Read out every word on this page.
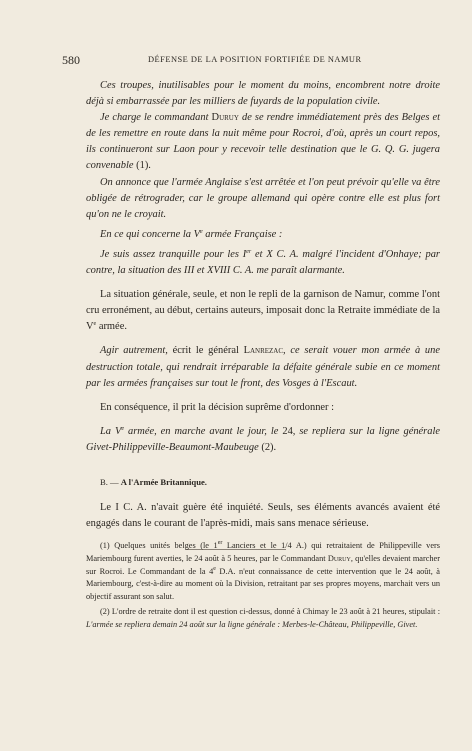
580	DÉFENSE DE LA POSITION FORTIFIÉE DE NAMUR

Ces troupes, inutilisables pour le moment du moins, encombrent notre droite déjà si embarrassée par les milliers de fuyards de la population civile.

Je charge le commandant Duruy de se rendre immédiatement près des Belges et de les remettre en route dans la nuit même pour Rocroi, d'où, après un court repos, ils continueront sur Laon pour y recevoir telle destination que le G. Q. G. jugera convenable (1).

On annonce que l'armée Anglaise s'est arrêtée et l'on peut prévoir qu'elle va être obligée de rétrograder, car le groupe allemand qui opère contre elle est plus fort qu'on ne le croyait.

En ce qui concerne la Ve armée Française :

Je suis assez tranquille pour les Ier et X C. A. malgré l'incident d'Onhaye; par contre, la situation des III et XVIII C. A. me paraît alarmante.

La situation générale, seule, et non le repli de la garnison de Namur, comme l'ont cru erronément, au début, certains auteurs, imposait donc la Retraite immédiate de la Ve armée.

Agir autrement, écrit le général Lanrezac, ce serait vouer mon armée à une destruction totale, qui rendrait irréparable la défaite générale subie en ce moment par les armées françaises sur tout le front, des Vosges à l'Escaut.

En conséquence, il prit la décision suprême d'ordonner :

La Ve armée, en marche avant le jour, le 24, se repliera sur la ligne générale Givet-Philippeville-Beaumont-Maubeuge (2).

B. — A l'Armée Britannique.

Le I C. A. n'avait guère été inquiété. Seuls, ses éléments avancés avaient été engagés dans le courant de l'après-midi, mais sans menace sérieuse.

(1) Quelques unités belges (le 1er Lanciers et le 1/4 A.) qui retraitaient de Philippeville vers Mariembourg furent averties, le 24 août à 5 heures, par le Commandant Duruy, qu'elles devaient marcher sur Rocroi. Le Commandant de la 4e D.A. n'eut connaissance de cette intervention que le 24 août, à Mariembourg, c'est-à-dire au moment où la Division, retraitant par ses propres moyens, marchait vers un objectif assurant son salut.

(2) L'ordre de retraite dont il est question ci-dessus, donné à Chimay le 23 août à 21 heures, stipulait : L'armée se repliera demain 24 août sur la ligne générale : Merbes-le-Château, Philippeville, Givet.
